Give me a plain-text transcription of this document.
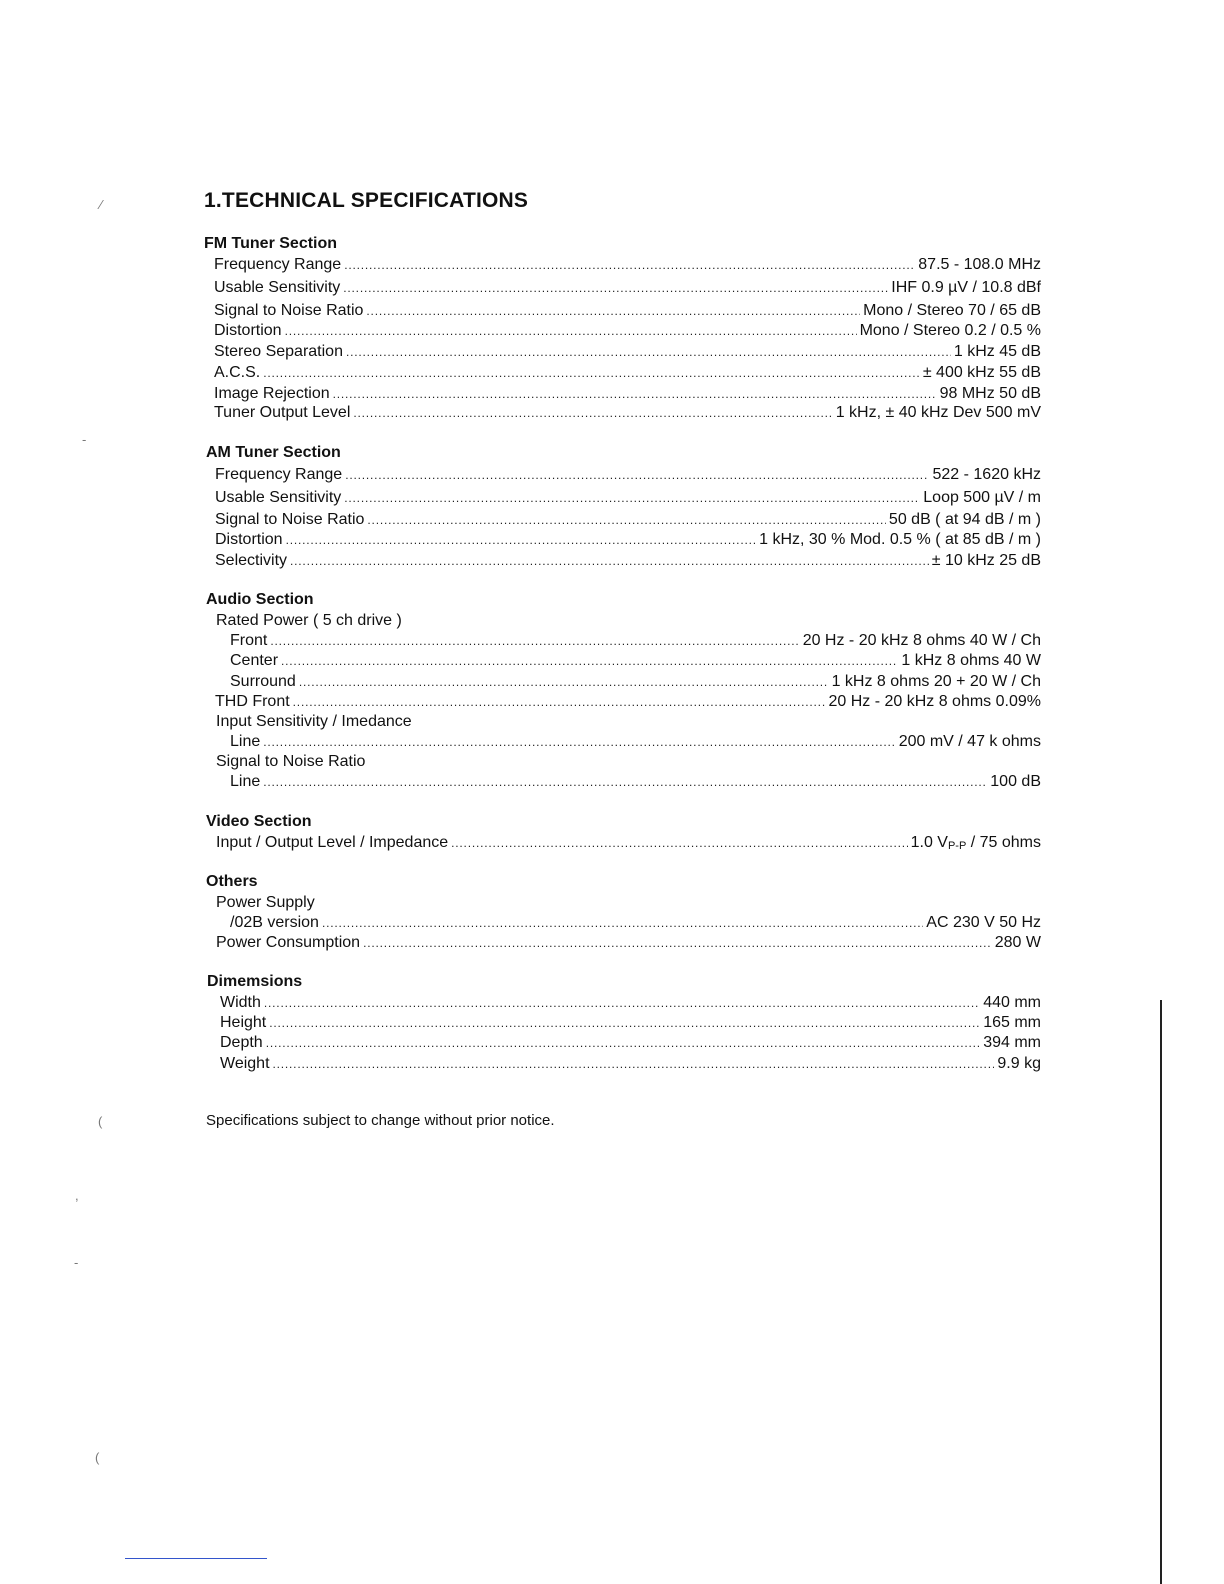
1.TECHNICAL SPECIFICATIONS
FM Tuner Section
Frequency Range .....	87.5 - 108.0 MHz
Usable Sensitivity .....	IHF 0.9 µV / 10.8 dBf
Signal to Noise Ratio .....	Mono / Stereo 70 / 65 dB
Distortion .....	Mono / Stereo 0.2 / 0.5 %
Stereo Separation .....	1 kHz 45 dB
A.C.S. .....	± 400 kHz 55 dB
Image Rejection .....	98 MHz 50 dB
Tuner Output Level .....	1 kHz, ± 40 kHz Dev 500 mV
AM Tuner Section
Frequency Range .....	522 - 1620 kHz
Usable Sensitivity .....	Loop 500 µV / m
Signal to Noise Ratio .....	50 dB ( at 94 dB / m )
Distortion .....	1 kHz, 30 % Mod. 0.5 % ( at 85 dB / m )
Selectivity .....	± 10 kHz 25 dB
Audio Section
Rated Power ( 5 ch drive )
Front .....	20 Hz - 20 kHz 8 ohms 40 W / Ch
Center .....	1 kHz 8 ohms 40 W
Surround .....	1 kHz 8 ohms 20 + 20 W / Ch
THD Front .....	20 Hz - 20 kHz 8 ohms 0.09%
Input Sensitivity / Imedance
Line .....	200 mV / 47 k ohms
Signal to Noise Ratio
Line .....	100 dB
Video Section
Input / Output Level / Impedance .....	1.0 VP-P / 75 ohms
Others
Power Supply
/02B version .....	AC 230 V 50 Hz
Power Consumption .....	280 W
Dimemsions
Width .....	440 mm
Height .....	165 mm
Depth .....	394 mm
Weight .....	9.9 kg
Specifications subject to change without prior notice.
⁄
(
(
-
,
-
